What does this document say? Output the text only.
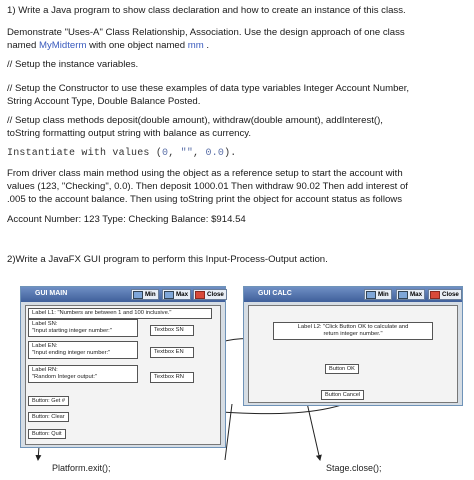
1) Write a Java program to show class declaration and how to create an instance of this class.
Demonstrate "Uses-A" Class Relationship, Association. Use the design approach of one class
named MyMidterm with one object named mm .
// Setup the instance variables.
// Setup the Constructor to use these examples of data type variables Integer Account Number,
String Account Type, Double Balance Posted.
// Setup class methods deposit(double amount), withdraw(double amount), addInterest(),
toString formatting output string with balance as currency.
Instantiate with values (0, "", 0.0).
From driver class main method using the object as a reference setup to start the account with
values (123, "Checking", 0.0). Then deposit 1000.01 Then withdraw 90.02 Then add interest of
.005 to the account balance. Then using toString print the object for account status as follows
Account Number: 123 Type: Checking Balance: $914.54
2)Write a JavaFX GUI program to perform this Input-Process-Output action.
GUI MAIN	Min	Max	Close
Label L1: "Numbers are between 1 and 100 inclusive."
Label SN:
"Input starting integer number:"	Textbox SN
Label EN:
"Input ending integer number:"	Textbox EN
Label RN:
"Random Integer output:"	Textbox RN
Button: Get #
Button: Clear
Button: Quit
GUI CALC	Min	Max	Close
Label L2: "Click Button OK to calculate and
return integer number."
Button OK
Button Cancel
Platform.exit();	Stage.close();
